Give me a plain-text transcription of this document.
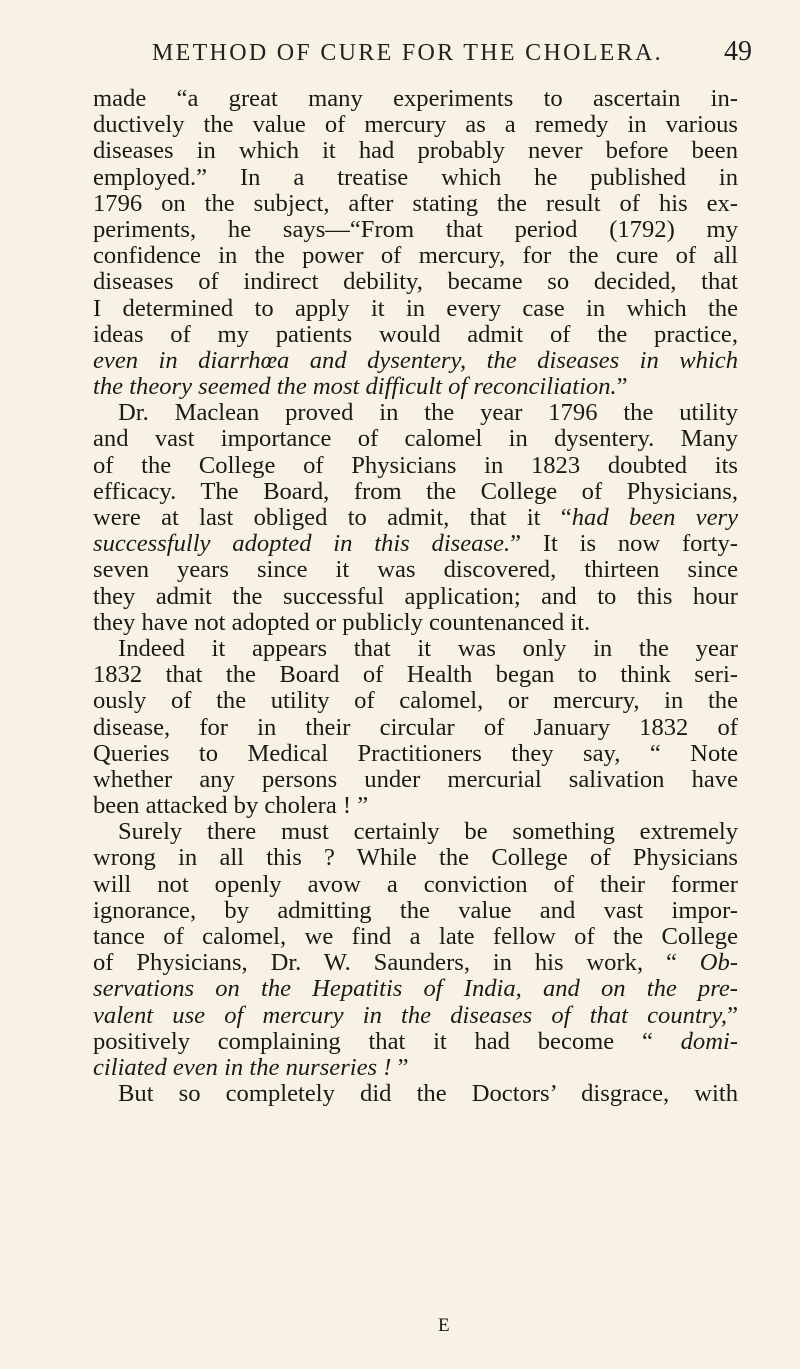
METHOD OF CURE FOR THE CHOLERA. 49
made “a great many experiments to ascertain in-
ductively the value of mercury as a remedy in various
diseases in which it had probably never before been
employed.” In a treatise which he published in
1796 on the subject, after stating the result of his ex-
periments, he says—“From that period (1792) my
confidence in the power of mercury, for the cure of all
diseases of indirect debility, became so decided, that
I determined to apply it in every case in which the
ideas of my patients would admit of the practice,
even in diarrhœa and dysentery, the diseases in which
the theory seemed the most difficult of reconciliation.”
Dr. Maclean proved in the year 1796 the utility
and vast importance of calomel in dysentery. Many
of the College of Physicians in 1823 doubted its
efficacy. The Board, from the College of Physicians,
were at last obliged to admit, that it “had been very
successfully adopted in this disease.” It is now forty-
seven years since it was discovered, thirteen since
they admit the successful application; and to this hour
they have not adopted or publicly countenanced it.
Indeed it appears that it was only in the year
1832 that the Board of Health began to think seri-
ously of the utility of calomel, or mercury, in the
disease, for in their circular of January 1832 of
Queries to Medical Practitioners they say, “ Note
whether any persons under mercurial salivation have
been attacked by cholera ! ”
Surely there must certainly be something extremely
wrong in all this ? While the College of Physicians
will not openly avow a conviction of their former
ignorance, by admitting the value and vast impor-
tance of calomel, we find a late fellow of the College
of Physicians, Dr. W. Saunders, in his work, “ Ob-
servations on the Hepatitis of India, and on the pre-
valent use of mercury in the diseases of that country,”
positively complaining that it had become “ domi-
ciliated even in the nurseries ! ”
But so completely did the Doctors’ disgrace, with
E
